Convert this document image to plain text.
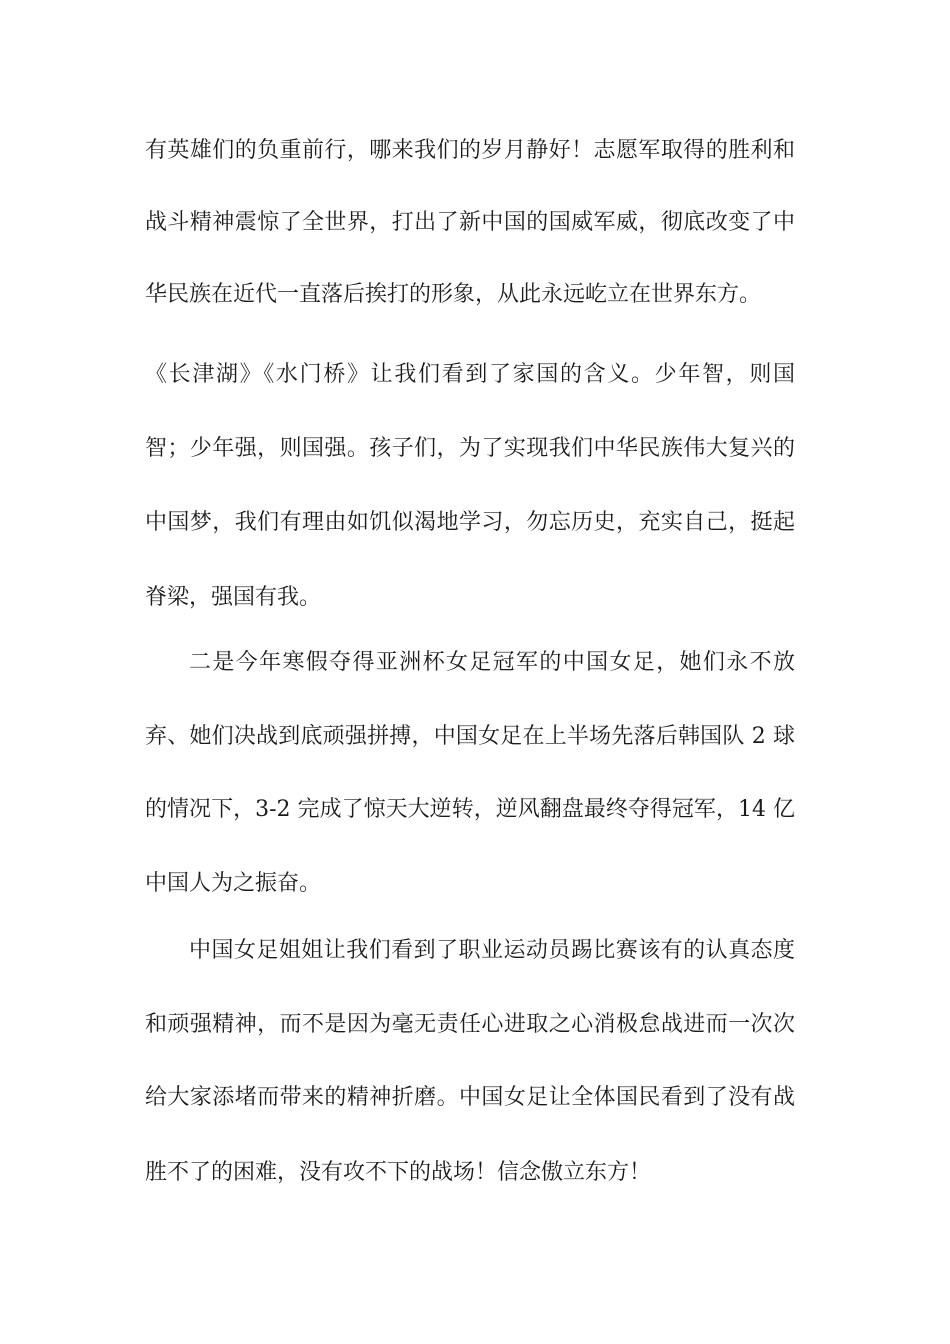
有英雄们的负重前行，哪来我们的岁月静好！志愿军取得的胜利和
战斗精神震惊了全世界，打出了新中国的国威军威，彻底改变了中
华民族在近代一直落后挨打的形象，从此永远屹立在世界东方。
《长津湖》《水门桥》让我们看到了家国的含义。少年智，则国
智；少年强，则国强。孩子们，为了实现我们中华民族伟大复兴的
中国梦，我们有理由如饥似渴地学习，勿忘历史，充实自己，挺起
脊梁，强国有我。
二是今年寒假夺得亚洲杯女足冠军的中国女足，她们永不放
弃、她们决战到底顽强拼搏，中国女足在上半场先落后韩国队 2 球
的情况下，3-2 完成了惊天大逆转，逆风翻盘最终夺得冠军，14 亿
中国人为之振奋。
中国女足姐姐让我们看到了职业运动员踢比赛该有的认真态度
和顽强精神，而不是因为毫无责任心进取之心消极怠战进而一次次
给大家添堵而带来的精神折磨。中国女足让全体国民看到了没有战
胜不了的困难，没有攻不下的战场！信念傲立东方！
